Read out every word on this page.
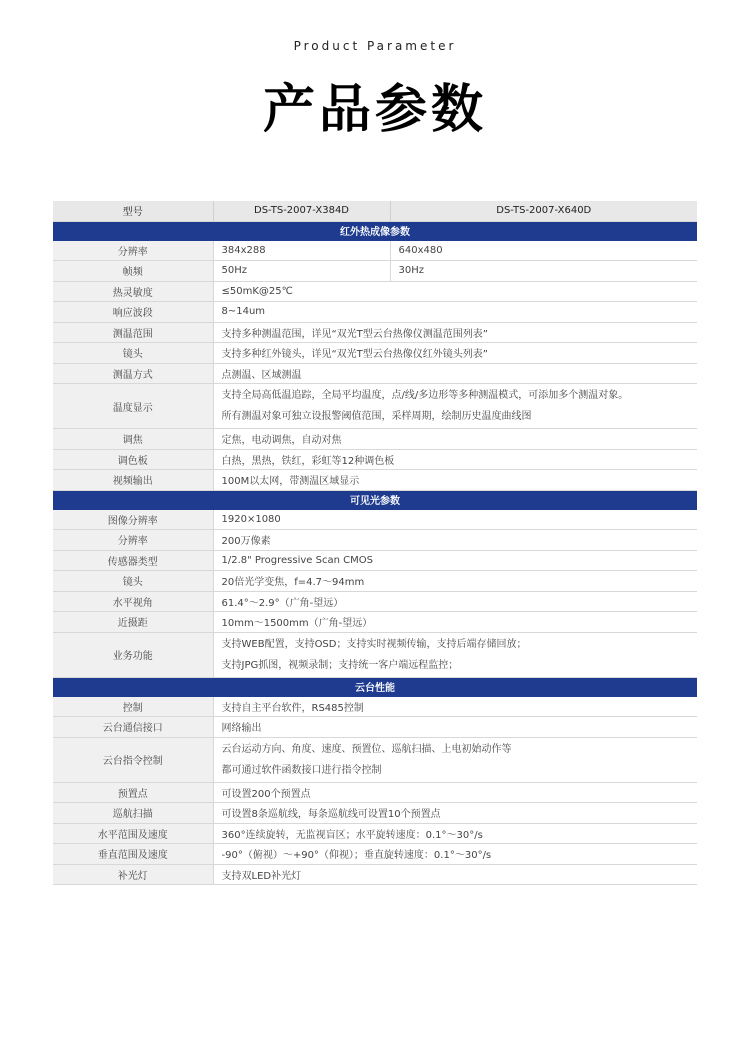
Product Parameter
产品参数
型号	DS-TS-2007-X384D	DS-TS-2007-X640D
红外热成像参数		
分辨率	384x288	640x480
帧频	50Hz	30Hz
热灵敏度	≤50mK@25℃	
响应波段	8~14um	
测温范围	支持多种测温范围，详见“双光T型云台热像仪测温范围列表”	
镜头	支持多种红外镜头，详见“双光T型云台热像仪红外镜头列表”	
测温方式	点测温、区域测温	
温度显示	支持全局高低温追踪，全局平均温度，点/线/多边形等多种测温模式，可添加多个测温对象。
所有测温对象可独立设报警阈值范围，采样周期，绘制历史温度曲线图	

调焦	定焦，电动调焦，自动对焦	
调色板	白热，黑热，铁红，彩虹等12种调色板	
视频输出	100M以太网，带测温区域显示	
可见光参数		
图像分辨率	1920×1080	
分辨率	200万像素	
传感器类型	1/2.8" Progressive Scan CMOS	
镜头	20倍光学变焦，f=4.7～94mm	
水平视角	61.4°～2.9°（广角-望远）	
近摄距	10mm～1500mm（广角-望远）	
业务功能	支持WEB配置，支持OSD；支持实时视频传输，支持后端存储回放；
支持JPG抓图，视频录制；支持统一客户端远程监控；	

云台性能		
控制	支持自主平台软件，RS485控制	
云台通信接口	网络输出	
云台指令控制	云台运动方向、角度、速度、预置位、巡航扫描、上电初始动作等
都可通过软件函数接口进行指令控制	

预置点	可设置200个预置点	
巡航扫描	可设置8条巡航线，每条巡航线可设置10个预置点	
水平范围及速度	360°连续旋转，无监视盲区；水平旋转速度：0.1°～30°/s	
垂直范围及速度	-90°（俯视）～+90°（仰视）；垂直旋转速度：0.1°～30°/s	
补光灯	支持双LED补光灯	
